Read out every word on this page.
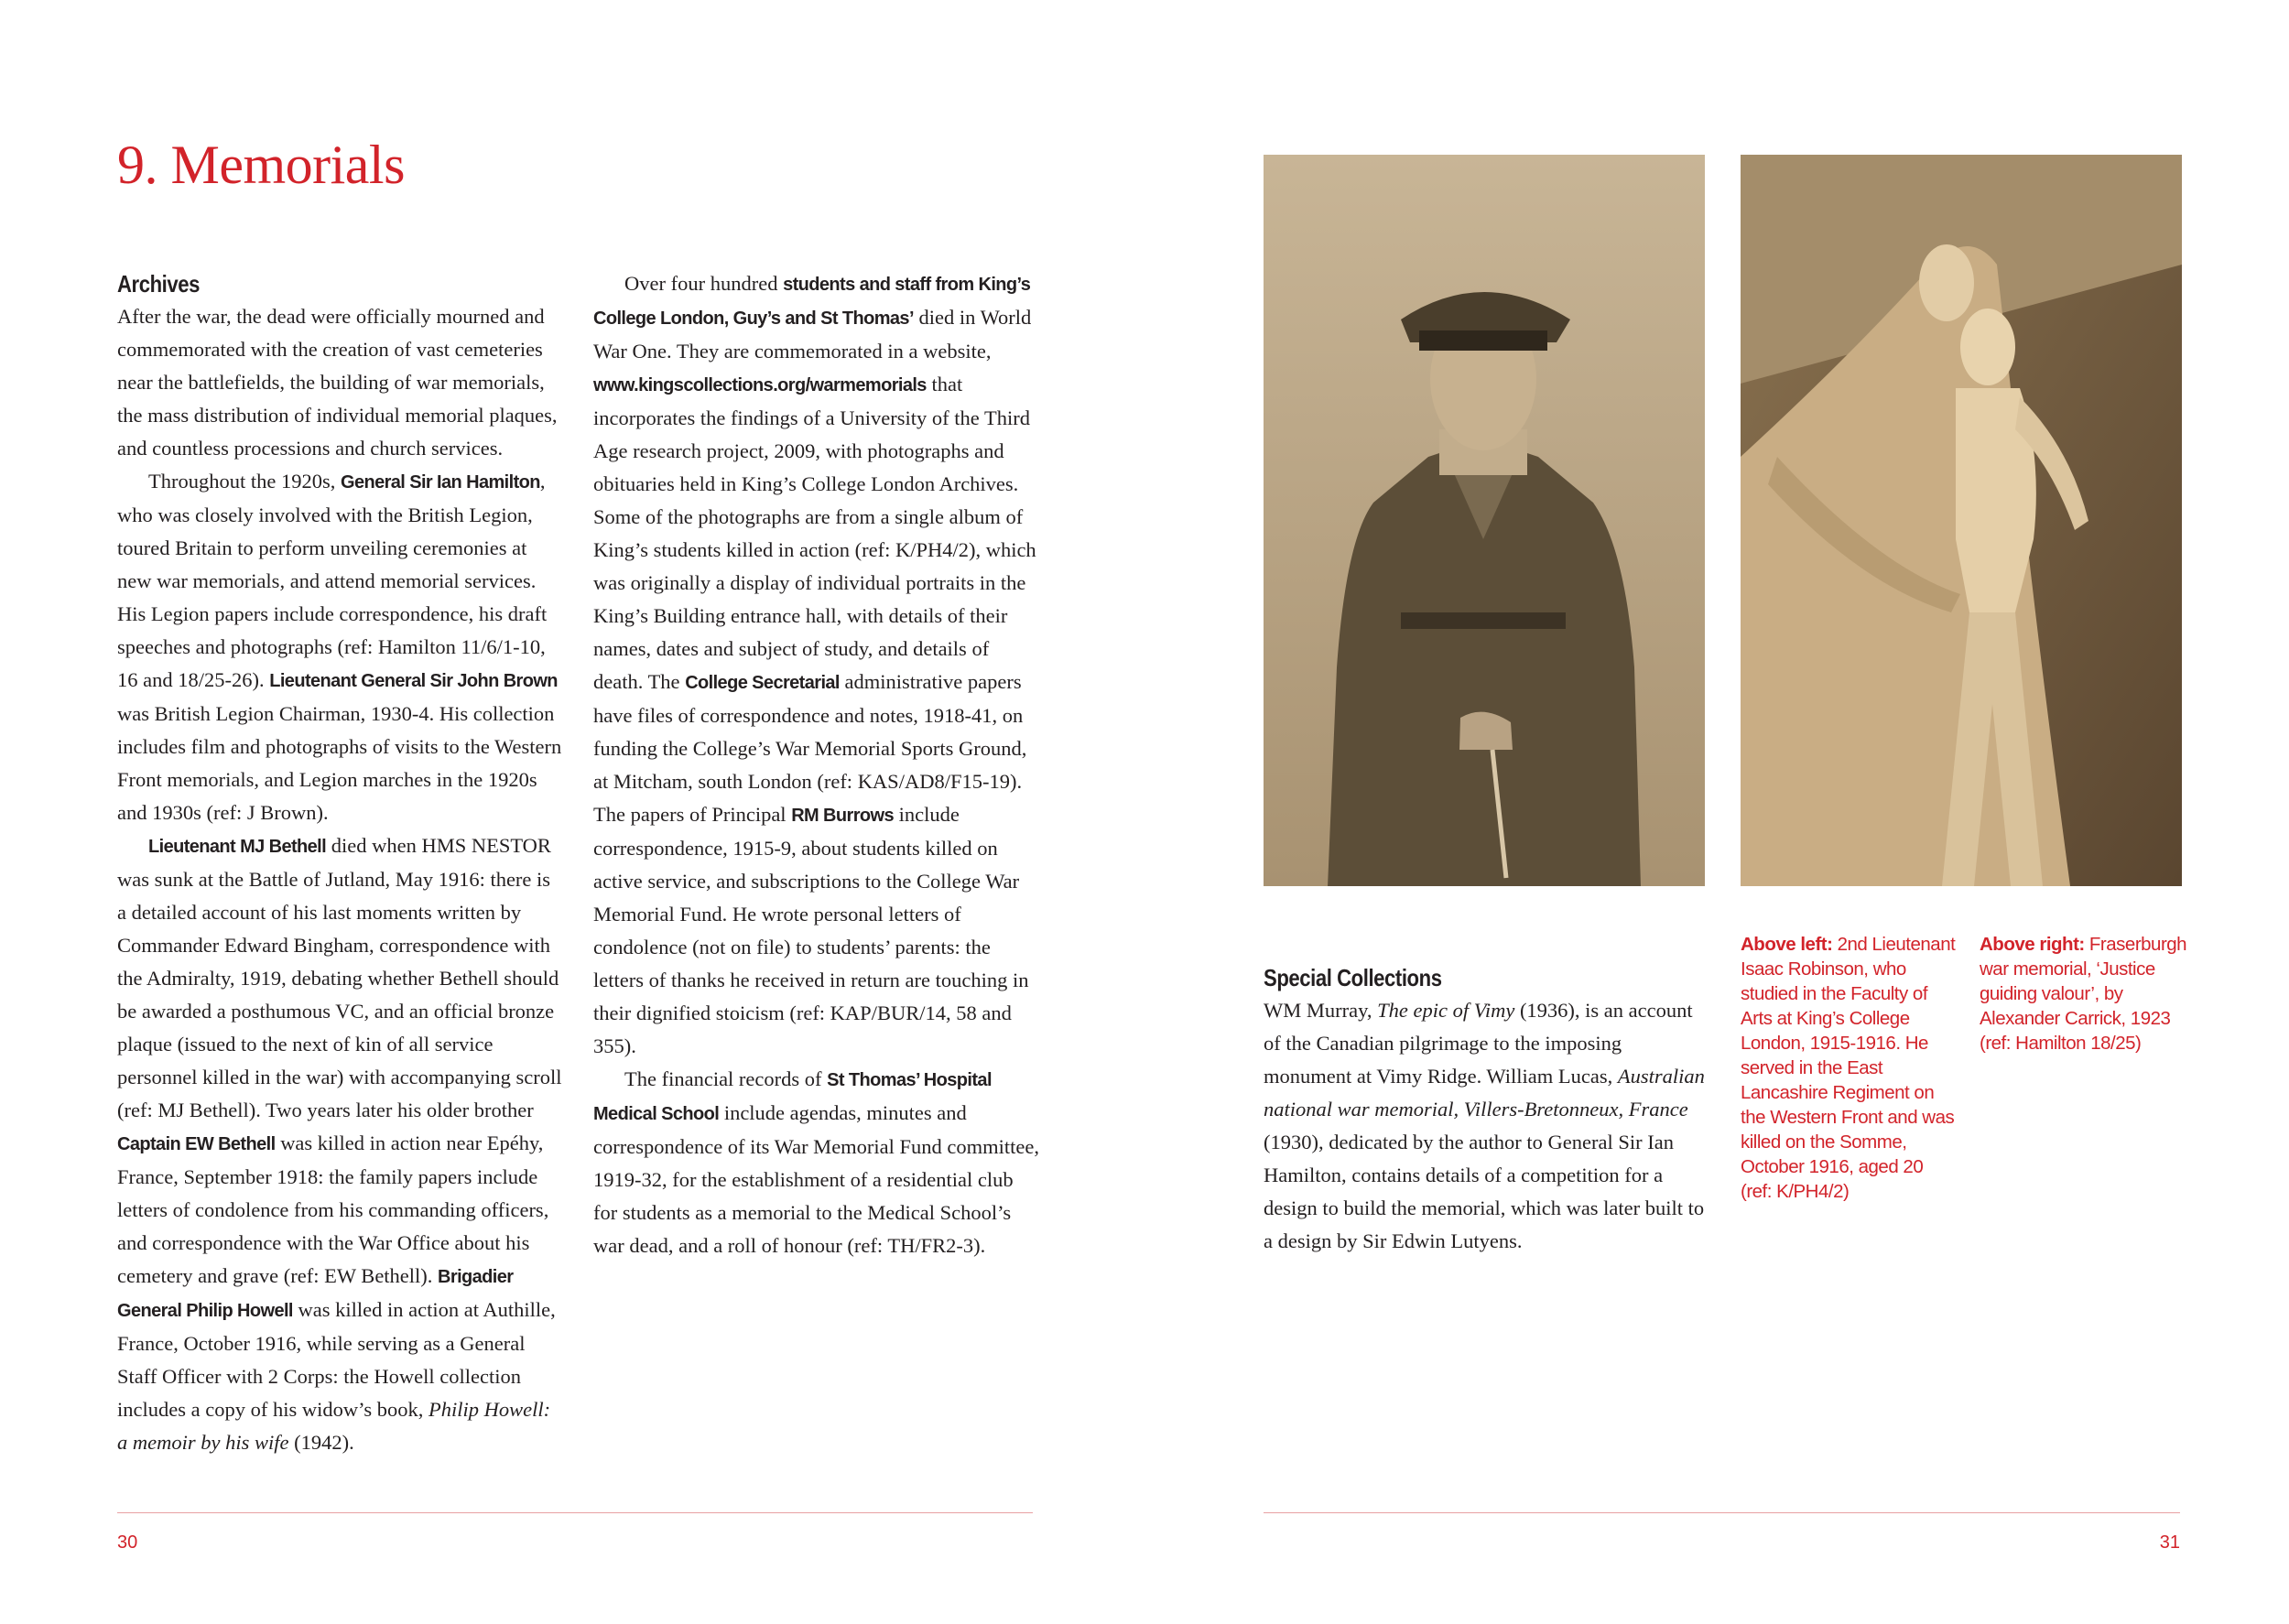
9. Memorials
Archives

After the war, the dead were officially mourned and commemorated with the creation of vast cemeteries near the battlefields, the building of war memorials, the mass distribution of individual memorial plaques, and countless processions and church services.

Throughout the 1920s, General Sir Ian Hamilton, who was closely involved with the British Legion, toured Britain to perform unveiling ceremonies at new war memorials, and attend memorial services. His Legion papers include correspondence, his draft speeches and photographs (ref: Hamilton 11/6/1-10, 16 and 18/25-26). Lieutenant General Sir John Brown was British Legion Chairman, 1930-4. His collection includes film and photographs of visits to the Western Front memorials, and Legion marches in the 1920s and 1930s (ref: J Brown).

Lieutenant MJ Bethell died when HMS NESTOR was sunk at the Battle of Jutland, May 1916: there is a detailed account of his last moments written by Commander Edward Bingham, correspondence with the Admiralty, 1919, debating whether Bethell should be awarded a posthumous VC, and an official bronze plaque (issued to the next of kin of all service personnel killed in the war) with accompanying scroll (ref: MJ Bethell). Two years later his older brother Captain EW Bethell was killed in action near Epéhy, France, September 1918: the family papers include letters of condolence from his commanding officers, and correspondence with the War Office about his cemetery and grave (ref: EW Bethell). Brigadier General Philip Howell was killed in action at Authille, France, October 1916, while serving as a General Staff Officer with 2 Corps: the Howell collection includes a copy of his widow’s book, Philip Howell: a memoir by his wife (1942).

Over four hundred students and staff from King’s College London, Guy’s and St Thomas’ died in World War One. They are commemorated in a website, www.kingscollections.org/warmemorials that incorporates the findings of a University of the Third Age research project, 2009, with photographs and obituaries held in King’s College London Archives. Some of the photographs are from a single album of King’s students killed in action (ref: K/PH4/2), which was originally a display of individual portraits in the King’s Building entrance hall, with details of their names, dates and subject of study, and details of death. The College Secretarial administrative papers have files of correspondence and notes, 1918-41, on funding the College’s War Memorial Sports Ground, at Mitcham, south London (ref: KAS/AD8/F15-19). The papers of Principal RM Burrows include correspondence, 1915-9, about students killed on active service, and subscriptions to the College War Memorial Fund. He wrote personal letters of condolence (not on file) to students’ parents: the letters of thanks he received in return are touching in their dignified stoicism (ref: KAP/BUR/14, 58 and 355).

The financial records of St Thomas’ Hospital Medical School include agendas, minutes and correspondence of its War Memorial Fund committee, 1919-32, for the establishment of a residential club for students as a memorial to the Medical School’s war dead, and a roll of honour (ref: TH/FR2-3).

Special Collections

WM Murray, The epic of Vimy (1936), is an account of the Canadian pilgrimage to the imposing monument at Vimy Ridge. William Lucas, Australian national war memorial, Villers-Bretonneux, France (1930), dedicated by the author to General Sir Ian Hamilton, contains details of a competition for a design to build the memorial, which was later built to a design by Sir Edwin Lutyens.

Above left: 2nd Lieutenant Isaac Robinson, who studied in the Faculty of Arts at King’s College London, 1915-1916. He served in the East Lancashire Regiment on the Western Front and was killed on the Somme, October 1916, aged 20 (ref: K/PH4/2)
Above right: Fraserburgh war memorial, ‘Justice guiding valour’, by Alexander Carrick, 1923 (ref: Hamilton 18/25)
30	31
